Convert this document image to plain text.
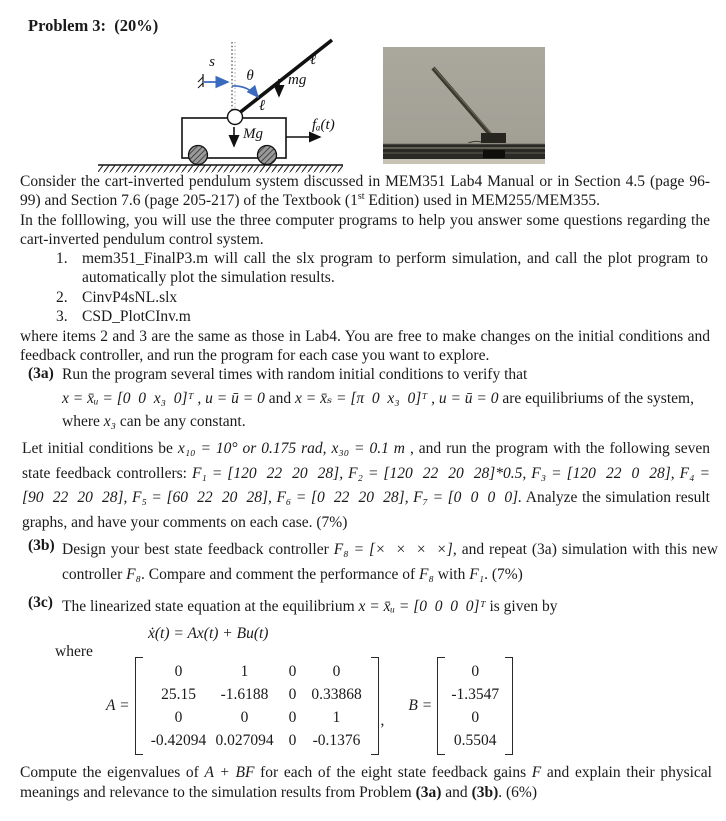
Problem 3:  (20%)
s
θ
ℓ
ℓ
mg
Mg
fₐ(t)
Consider the cart-inverted pendulum system discussed in MEM351 Lab4 Manual or in Section 4.5 (page 96-99) and Section 7.6 (page 205-217) of the Textbook (1st Edition) used in MEM255/MEM355.
In the folllowing, you will use the three computer programs to help you answer some questions regarding the cart-inverted pendulum control system.
1. mem351_FinalP3.m will call the slx program to perform simulation, and call the plot program to automatically plot the simulation results.
2. CinvP4sNL.slx
3. CSD_PlotCInv.m
where items 2 and 3 are the same as those in Lab4. You are free to make changes on the initial conditions and feedback controller, and run the program for each case you want to explore.
(3a) Run the program several times with random initial conditions to verify that
x = x̄ᵤ = [0  0  x₃  0]ᵀ , u = ū = 0 and x = x̄ₛ = [π  0  x₃  0]ᵀ , u = ū = 0 are equilibriums of the system,
where x₃ can be any constant.
Let initial conditions be x₁₀ = 10° or 0.175 rad, x₃₀ = 0.1 m , and run the program with the following seven state feedback controllers: F₁ = [120  22  20  28], F₂ = [120  22  20  28]*0.5, F₃ = [120  22  0  28], F₄ = [90  22  20  28], F₅ = [60  22  20  28], F₆ = [0  22  20  28], F₇ = [0  0  0  0]. Analyze the simulation result graphs, and have your comments on each case. (7%)
(3b) Design your best state feedback controller F₈ = [×  ×  ×  ×], and repeat (3a) simulation with this new controller F₈. Compare and comment the performance of F₈ with F₁. (7%)
(3c) The linearized state equation at the equilibrium x = x̄ᵤ = [0  0  0  0]ᵀ is given by
ẋ(t) = Ax(t) + Bu(t)
where
A =
0	1	0	0
25.15	-1.6188	0 0.33868
0	0	0	1
-0.42094 0.027094 0	-0.1376
,
B =
0
-1.3547
0
0.5504
Compute the eigenvalues of A + BF for each of the eight state feedback gains F and explain their physical meanings and relevance to the simulation results from Problem (3a) and (3b). (6%)
